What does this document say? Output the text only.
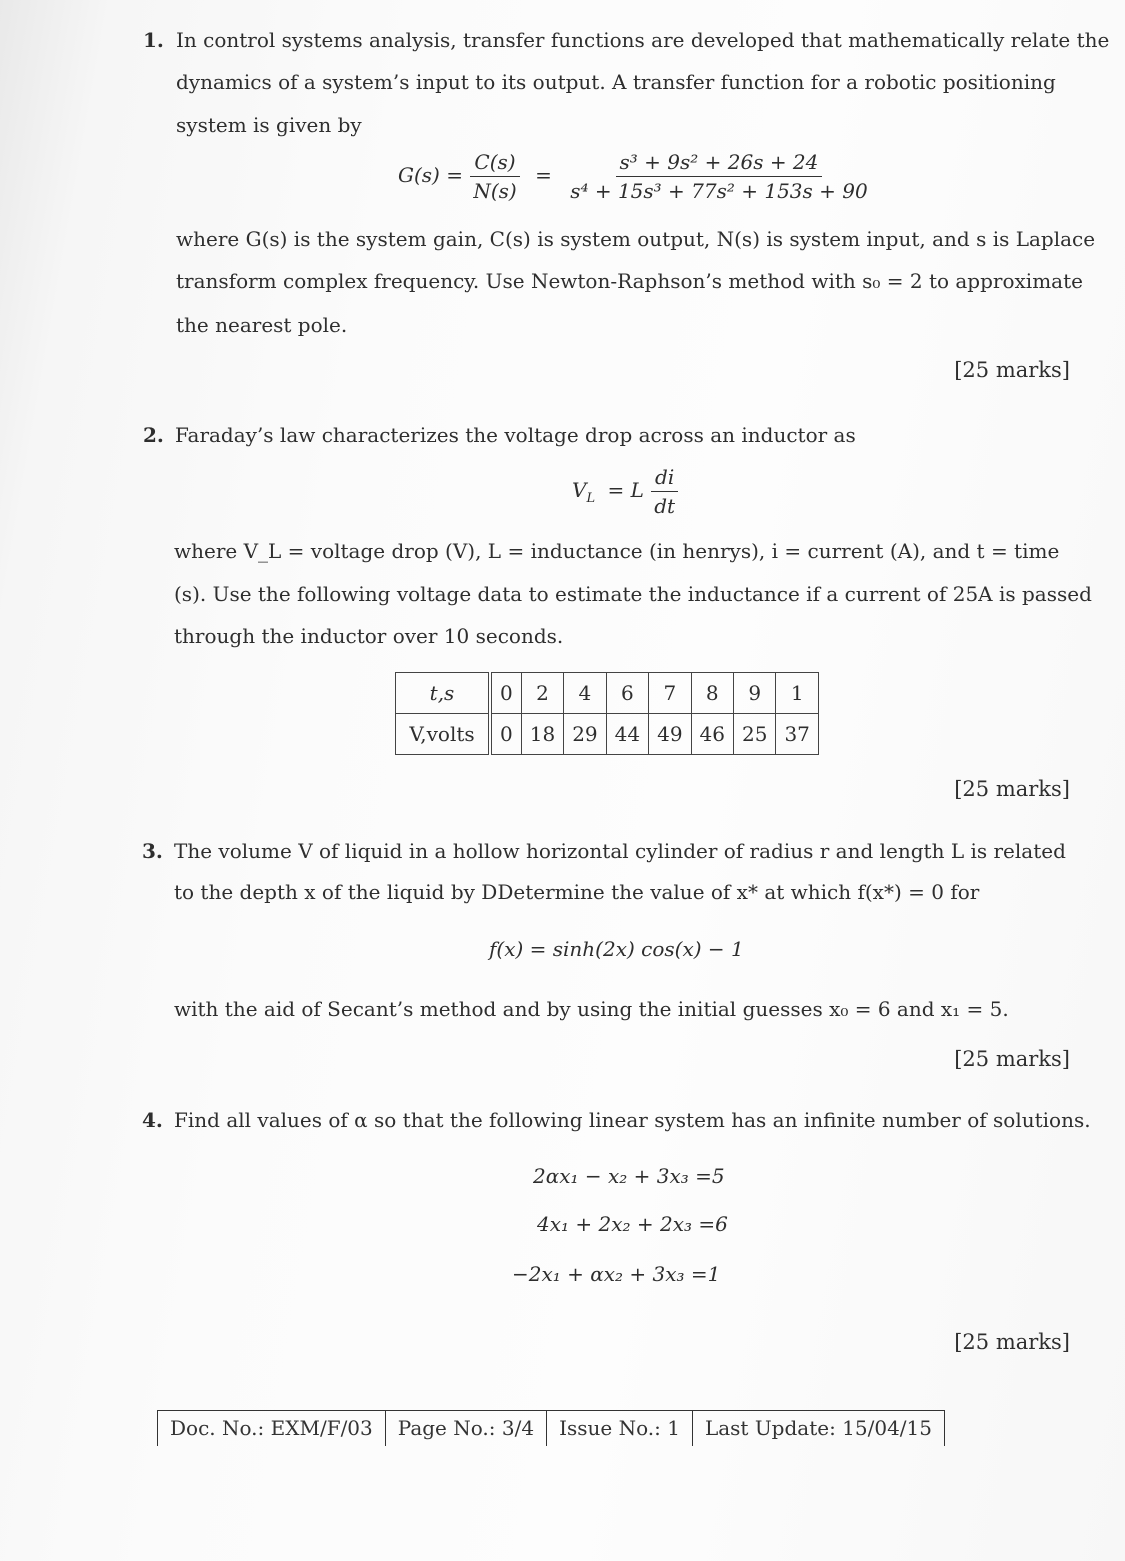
1. In control systems analysis, transfer functions are developed that mathematically relate the
dynamics of a system’s input to its output. A transfer function for a robotic positioning
system is given by
$G(s) = \frac{C(s)}{N(s)} = \frac{\text{s³ + 9s² + 26s + 24}}{\text{s⁴ + 15s³ + 77s² + 153s + 90}}$
where G(s) is the system gain, C(s) is system output, N(s) is system input, and s is Laplace
transform complex frequency. Use Newton-Raphson’s method with s₀ = 2 to approximate
the nearest pole.
[25 marks]
2. Faraday’s law characterizes the voltage drop across an inductor as
$V_L = L \frac{di}{dt}$
where V_L = voltage drop (V), L = inductance (in henrys), i = current (A), and t = time
(s). Use the following voltage data to estimate the inductance if a current of 25A is passed
through the inductor over 10 seconds.
t,s	0	2	4	6	7	8	9	1
V,volts	0	18	29	44	49	46	25	37
[25 marks]
3. The volume V of liquid in a hollow horizontal cylinder of radius r and length L is related
to the depth x of the liquid by DDetermine the value of x* at which f(x*) = 0 for
f(x) = sinh(2x) cos(x) − 1
with the aid of Secant’s method and by using the initial guesses x₀ = 6 and x₁ = 5.
[25 marks]
4. Find all values of α so that the following linear system has an infinite number of solutions.
2αx₁ − x₂ + 3x₃ =5
4x₁ + 2x₂ + 2x₃ =6
−2x₁ + αx₂ + 3x₃ =1
[25 marks]
Doc. No.: EXM/F/03	Page No.: 3/4	Issue No.: 1	Last Update: 15/04/15
